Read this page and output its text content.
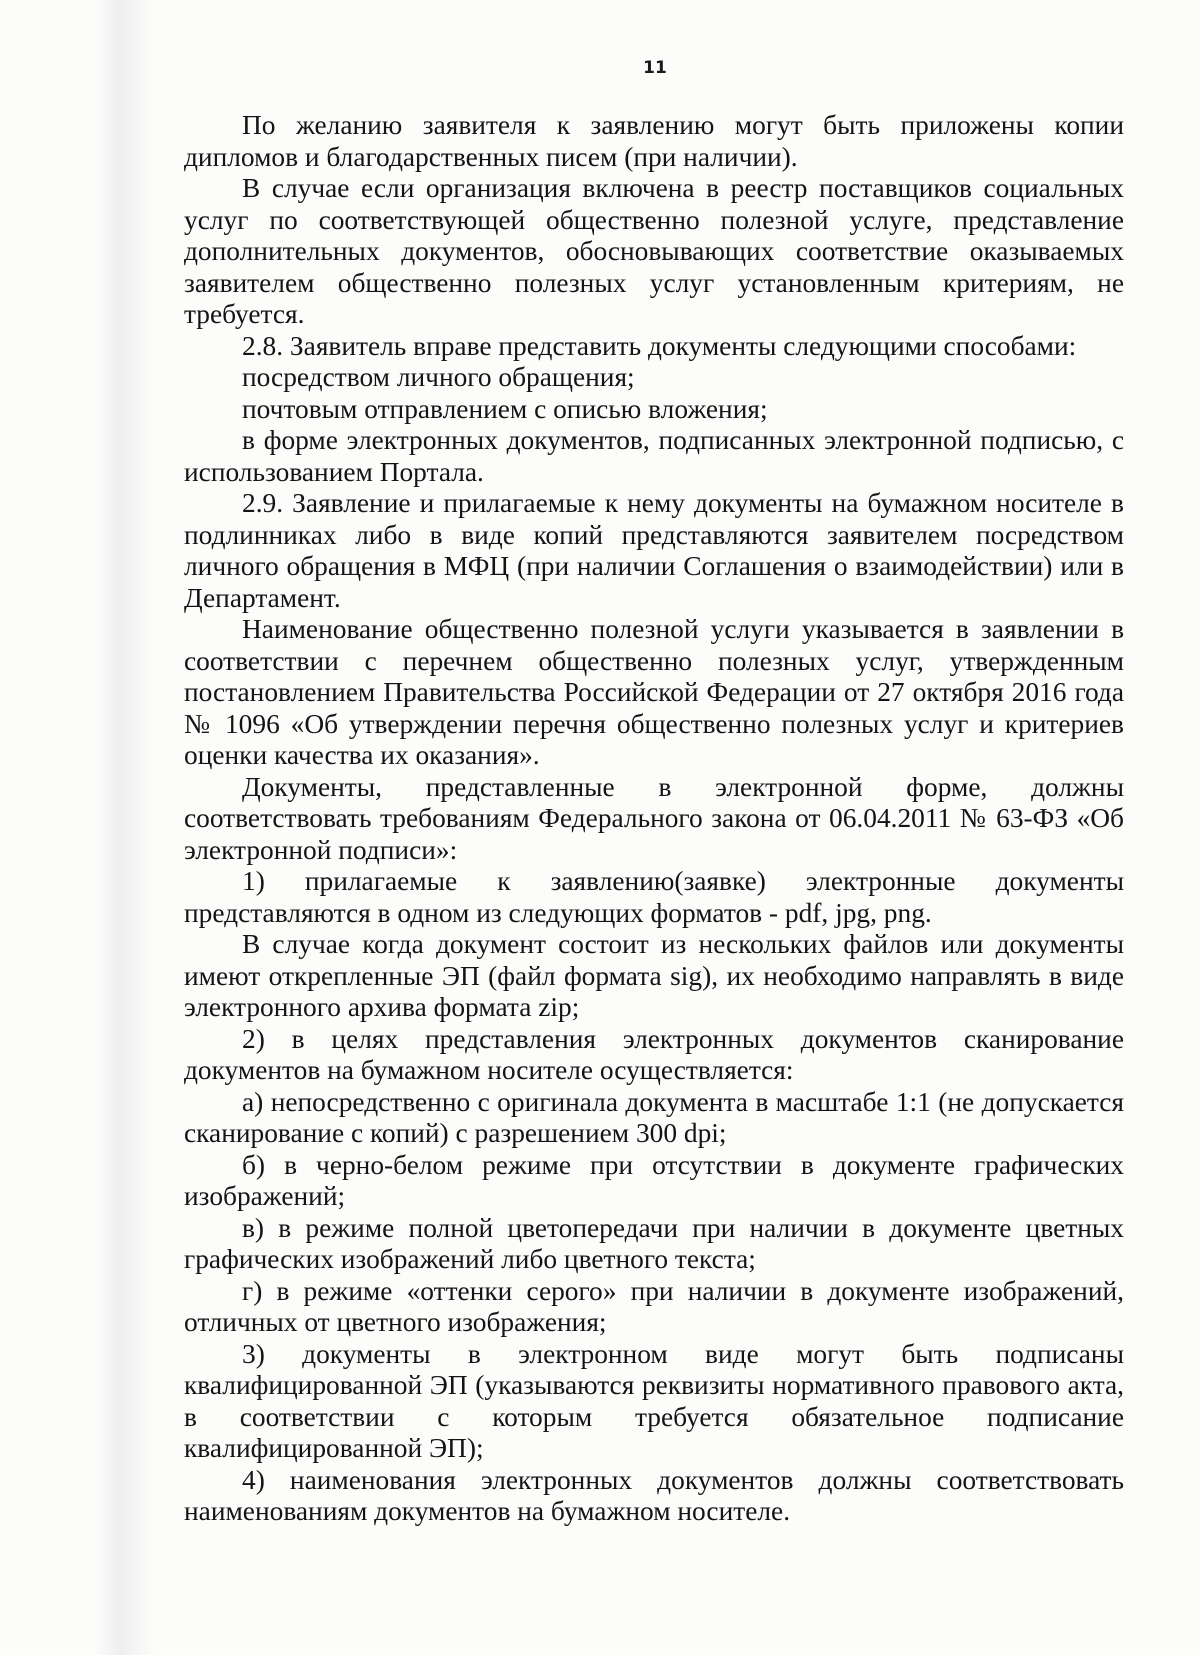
11

По желанию заявителя к заявлению могут быть приложены копии дипломов и благодарственных писем (при наличии).

В случае если организация включена в реестр поставщиков социальных услуг по соответствующей общественно полезной услуге, представление дополнительных документов, обосновывающих соответствие оказываемых заявителем общественно полезных услуг установленным критериям, не требуется.

2.8. Заявитель вправе представить документы следующими способами:

посредством личного обращения;

почтовым отправлением с описью вложения;

в форме электронных документов, подписанных электронной подписью, с использованием Портала.

2.9. Заявление и прилагаемые к нему документы на бумажном носителе в подлинниках либо в виде копий представляются заявителем посредством личного обращения в МФЦ (при наличии Соглашения о взаимодействии) или в Департамент.

Наименование общественно полезной услуги указывается в заявлении в соответствии с перечнем общественно полезных услуг, утвержденным постановлением Правительства Российской Федерации от 27 октября 2016 года № 1096 «Об утверждении перечня общественно полезных услуг и критериев оценки качества их оказания».

Документы, представленные в электронной форме, должны соответствовать требованиям Федерального закона от 06.04.2011 № 63-ФЗ «Об электронной подписи»:

1) прилагаемые к заявлению(заявке) электронные документы представляются в одном из следующих форматов - pdf, jpg, png.

В случае когда документ состоит из нескольких файлов или документы имеют открепленные ЭП (файл формата sig), их необходимо направлять в виде электронного архива формата zip;

2) в целях представления электронных документов сканирование документов на бумажном носителе осуществляется:

а) непосредственно с оригинала документа в масштабе 1:1 (не допускается сканирование с копий) с разрешением 300 dpi;

б) в черно-белом режиме при отсутствии в документе графических изображений;

в) в режиме полной цветопередачи при наличии в документе цветных графических изображений либо цветного текста;

г) в режиме «оттенки серого» при наличии в документе изображений, отличных от цветного изображения;

3) документы в электронном виде могут быть подписаны квалифицированной ЭП (указываются реквизиты нормативного правового акта, в соответствии с которым требуется обязательное подписание квалифицированной ЭП);

4) наименования электронных документов должны соответствовать наименованиям документов на бумажном носителе.
